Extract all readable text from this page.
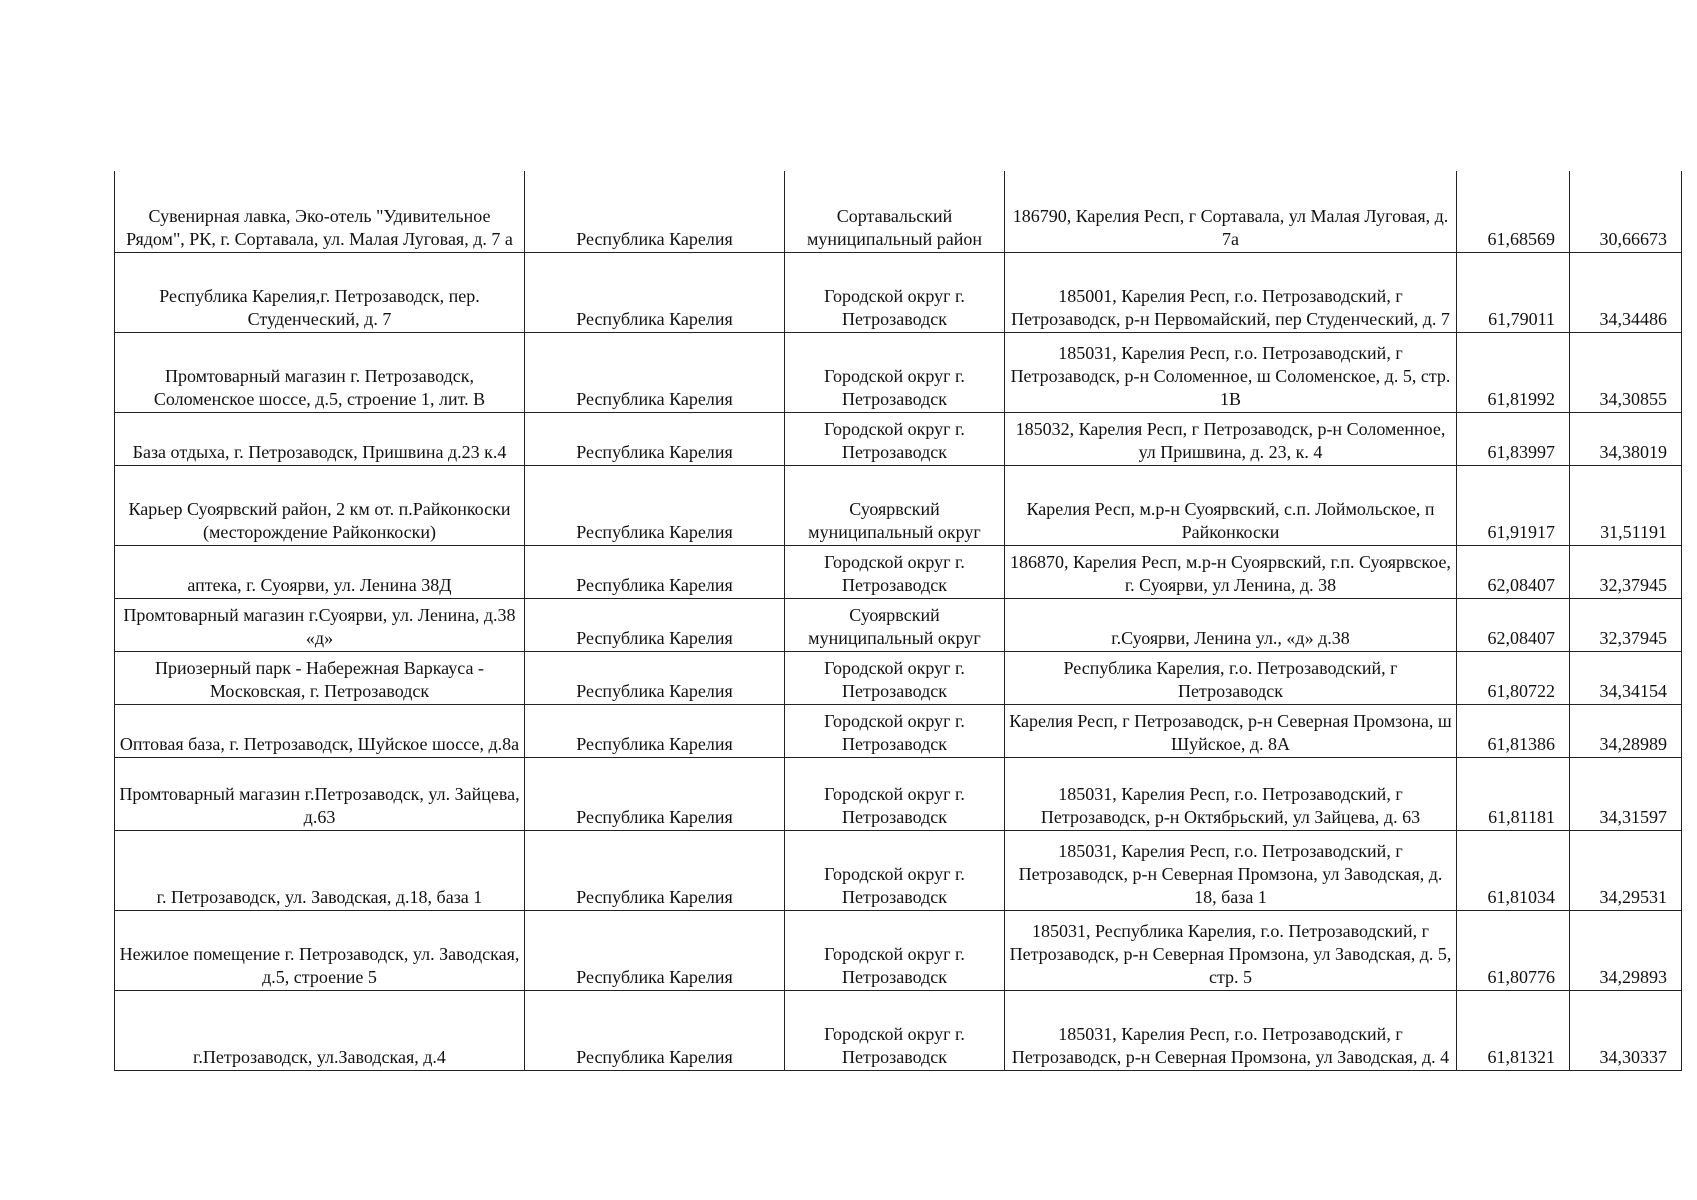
Сувенирная лавка, Эко-отель "Удивительное Рядом", РК, г. Сортавала, ул. Малая Луговая, д. 7 а	Республика Карелия	Сортавальский муниципальный район	186790, Карелия Респ, г Сортавала, ул Малая Луговая, д. 7а	61,68569	30,66673
Республика Карелия,г. Петрозаводск, пер. Студенческий, д. 7	Республика Карелия	Городской округ г. Петрозаводск	185001, Карелия Респ, г.о. Петрозаводский, г Петрозаводск, р-н Первомайский, пер Студенческий, д. 7	61,79011	34,34486
Промтоварный магазин г. Петрозаводск, Соломенское шоссе, д.5, строение 1, лит. В	Республика Карелия	Городской округ г. Петрозаводск	185031, Карелия Респ, г.о. Петрозаводский, г Петрозаводск, р-н Соломенное, ш Соломенское, д. 5, стр. 1В	61,81992	34,30855
База отдыха, г. Петрозаводск, Пришвина д.23 к.4	Республика Карелия	Городской округ г. Петрозаводск	185032, Карелия Респ, г Петрозаводск, р-н Соломенное, ул Пришвина, д. 23, к. 4	61,83997	34,38019
Карьер Суоярвский район, 2 км от. п.Райконкоски (месторождение Райконкоски)	Республика Карелия	Суоярвский муниципальный округ	Карелия Респ, м.р-н Суоярвский, с.п. Лоймольское, п Райконкоски	61,91917	31,51191
аптека, г. Суоярви, ул. Ленина 38Д	Республика Карелия	Городской округ г. Петрозаводск	186870, Карелия Респ, м.р-н Суоярвский, г.п. Суоярвское, г. Суоярви, ул Ленина, д. 38	62,08407	32,37945
Промтоварный магазин г.Суоярви, ул. Ленина, д.38 «д»	Республика Карелия	Суоярвский муниципальный округ	г.Суоярви, Ленина ул., «д» д.38	62,08407	32,37945
Приозерный парк - Набережная Варкауса - Московская, г. Петрозаводск	Республика Карелия	Городской округ г. Петрозаводск	Республика Карелия, г.о. Петрозаводский, г Петрозаводск	61,80722	34,34154
Оптовая база, г. Петрозаводск, Шуйское шоссе, д.8а	Республика Карелия	Городской округ г. Петрозаводск	Карелия Респ, г Петрозаводск, р-н Северная Промзона, ш Шуйское, д. 8А	61,81386	34,28989
Промтоварный магазин г.Петрозаводск, ул. Зайцева, д.63	Республика Карелия	Городской округ г. Петрозаводск	185031, Карелия Респ, г.о. Петрозаводский, г Петрозаводск, р-н Октябрьский, ул Зайцева, д. 63	61,81181	34,31597
г. Петрозаводск, ул. Заводская, д.18, база 1	Республика Карелия	Городской округ г. Петрозаводск	185031, Карелия Респ, г.о. Петрозаводский, г Петрозаводск, р-н Северная Промзона, ул Заводская, д. 18, база 1	61,81034	34,29531
Нежилое помещение г. Петрозаводск, ул. Заводская, д.5, строение 5	Республика Карелия	Городской округ г. Петрозаводск	185031, Республика Карелия, г.о. Петрозаводский, г Петрозаводск, р-н Северная Промзона, ул Заводская, д. 5, стр. 5	61,80776	34,29893
г.Петрозаводск, ул.Заводская, д.4	Республика Карелия	Городской округ г. Петрозаводск	185031, Карелия Респ, г.о. Петрозаводский, г Петрозаводск, р-н Северная Промзона, ул Заводская, д. 4	61,81321	34,30337
